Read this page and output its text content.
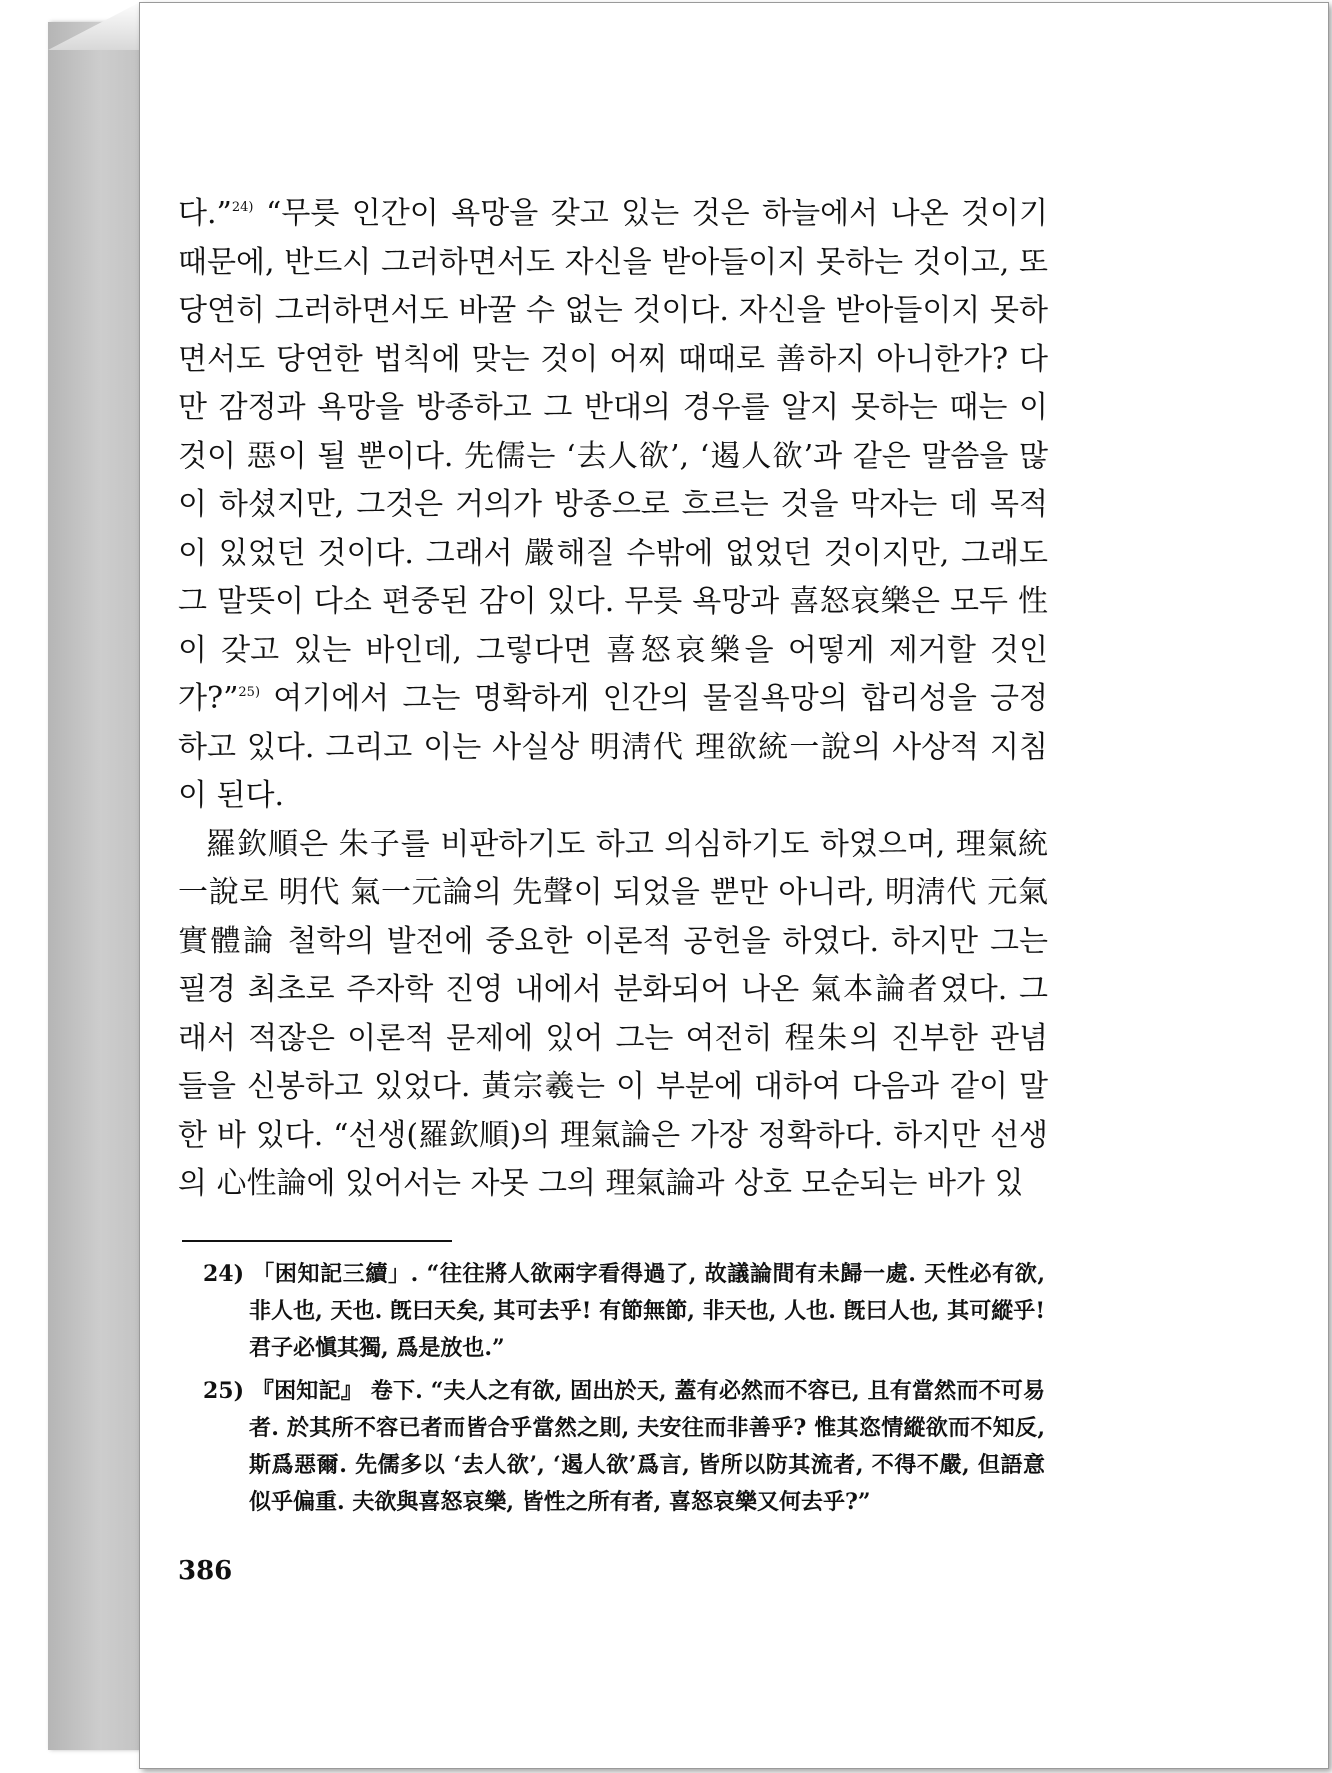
다.”$^{24)}$ “무릇 인간이 욕망을 갖고 있는 것은 하늘에서 나온 것이기 때문에, 반드시 그러하면서도 자신을 받아들이지 못하는 것이고, 또 당연히 그러하면서도 바꿀 수 없는 것이다. 자신을 받아들이지 못하면서도 당연한 법칙에 맞는 것이 어찌 때때로 善하지 아니한가? 다만 감정과 욕망을 방종하고 그 반대의 경우를 알지 못하는 때는 이것이 惡이 될 뿐이다. 先儒는 ‘去人欲’, ‘遏人欲’과 같은 말씀을 많이 하셨지만, 그것은 거의가 방종으로 흐르는 것을 막자는 데 목적이 있었던 것이다. 그래서 嚴해질 수밖에 없었던 것이지만, 그래도 그 말뜻이 다소 편중된 감이 있다. 무릇 욕망과 喜怒哀樂은 모두 性이 갖고 있는 바인데, 그렇다면 喜怒哀樂을 어떻게 제거할 것인가?”$^{25)}$ 여기에서 그는 명확하게 인간의 물질욕망의 합리성을 긍정하고 있다. 그리고 이는 사실상 明淸代 理欲統一說의 사상적 지침이 된다.

羅欽順은 朱子를 비판하기도 하고 의심하기도 하였으며, 理氣統一說로 明代 氣一元論의 先聲이 되었을 뿐만 아니라, 明淸代 元氣實體論 철학의 발전에 중요한 이론적 공헌을 하였다. 하지만 그는 필경 최초로 주자학 진영 내에서 분화되어 나온 氣本論者였다. 그래서 적잖은 이론적 문제에 있어 그는 여전히 程朱의 진부한 관념들을 신봉하고 있었다. 黃宗羲는 이 부분에 대하여 다음과 같이 말한 바 있다. “선생(羅欽順)의 理氣論은 가장 정확하다. 하지만 선생의 心性論에 있어서는 자못 그의 理氣論과 상호 모순되는 바가 있

24) 「困知記三續」. “往往將人欲兩字看得過了, 故議論間有未歸一處. 天性必有欲, 非人也, 天也. 旣曰天矣, 其可去乎! 有節無節, 非天也, 人也. 旣曰人也, 其可縱乎! 君子必愼其獨, 爲是放也.”

25) 『困知記』 卷下. “夫人之有欲, 固出於天, 蓋有必然而不容已, 且有當然而不可易者. 於其所不容已者而皆合乎當然之則, 夫安往而非善乎? 惟其恣情縱欲而不知反, 斯爲惡爾. 先儒多以 ‘去人欲’, ‘遏人欲’爲言, 皆所以防其流者, 不得不嚴, 但語意似乎偏重. 夫欲與喜怒哀樂, 皆性之所有者, 喜怒哀樂又何去乎?”

386
